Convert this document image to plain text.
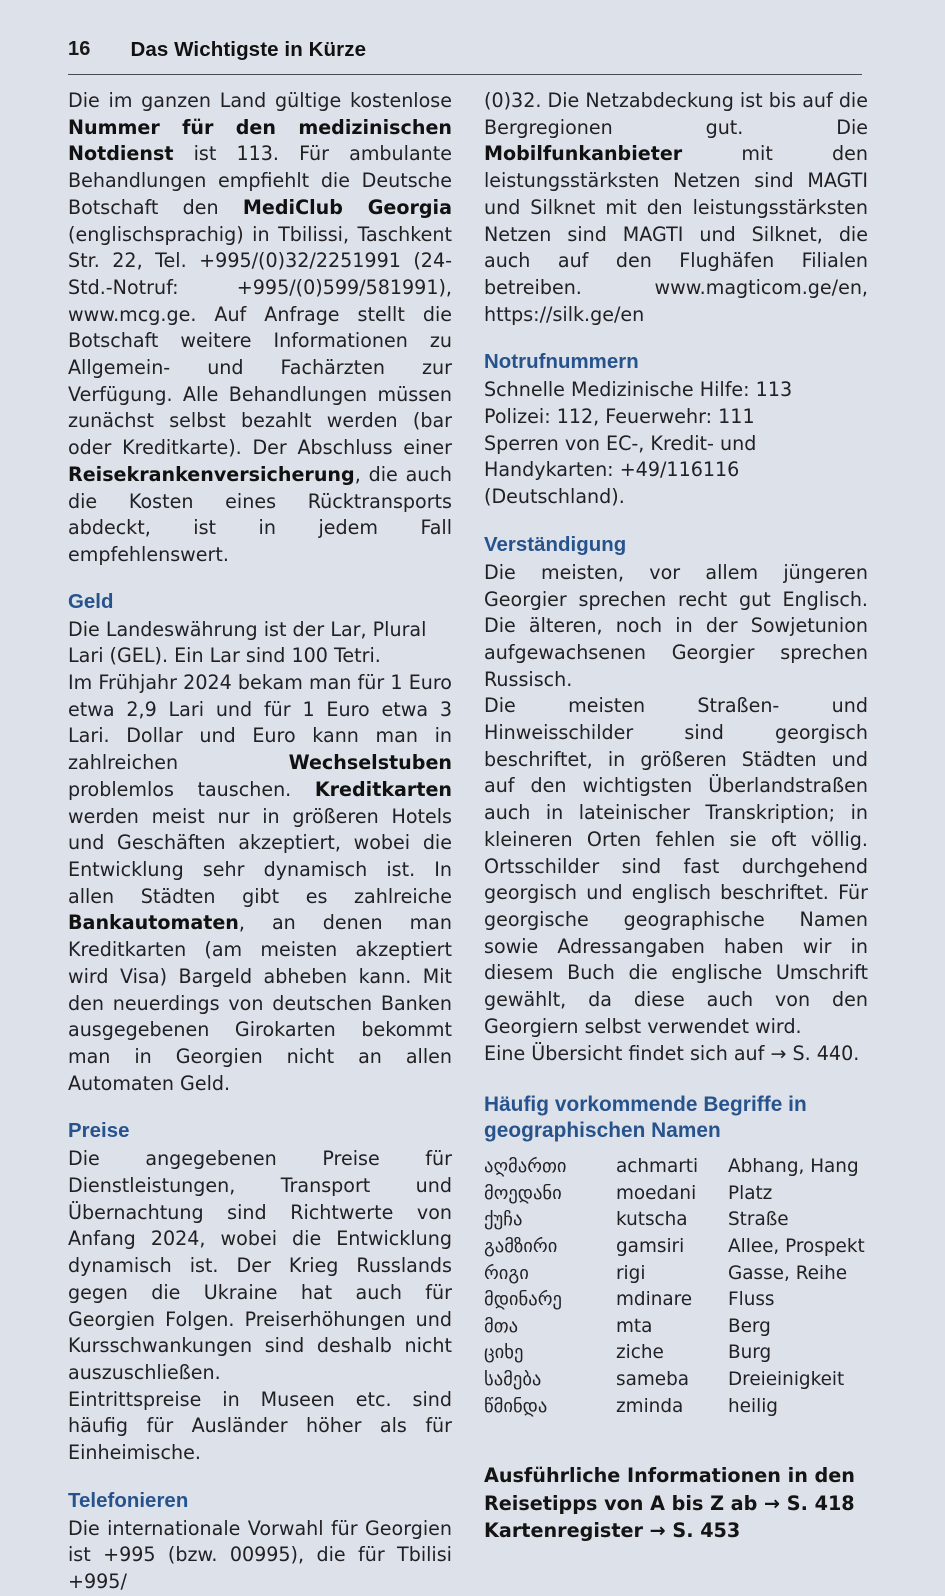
16 Das Wichtigste in Kürze

Die im ganzen Land gültige kostenlose Nummer für den medizinischen Notdienst ist 113. Für ambulante Behandlungen empfiehlt die Deutsche Botschaft den MediClub Georgia (englischsprachig) in Tbilissi, Taschkent Str. 22, Tel. +995/(0)32/2251991 (24-Std.-Notruf: +995/(0)599/581991), www.mcg.ge. Auf Anfrage stellt die Botschaft weitere Informationen zu Allgemein- und Fachärzten zur Verfügung. Alle Behandlungen müssen zunächst selbst bezahlt werden (bar oder Kreditkarte). Der Abschluss einer Reisekrankenversicherung, die auch die Kosten eines Rücktransports abdeckt, ist in jedem Fall empfehlenswert.

Geld

Die Landeswährung ist der Lar, Plural Lari (GEL). Ein Lar sind 100 Tetri.

Im Frühjahr 2024 bekam man für 1 Euro etwa 2,9 Lari und für 1 Euro etwa 3 Lari. Dollar und Euro kann man in zahlreichen Wechselstuben problemlos tauschen. Kreditkarten werden meist nur in größeren Hotels und Geschäften akzeptiert, wobei die Entwicklung sehr dynamisch ist. In allen Städten gibt es zahlreiche Bankautomaten, an denen man Kreditkarten (am meisten akzeptiert wird Visa) Bargeld abheben kann. Mit den neuerdings von deutschen Banken ausgegebenen Girokarten bekommt man in Georgien nicht an allen Automaten Geld.

Preise

Die angegebenen Preise für Dienstleistungen, Transport und Übernachtung sind Richtwerte von Anfang 2024, wobei die Entwicklung dynamisch ist. Der Krieg Russlands gegen die Ukraine hat auch für Georgien Folgen. Preiserhöhungen und Kursschwankungen sind deshalb nicht auszuschließen.

Eintrittspreise in Museen etc. sind häufig für Ausländer höher als für Einheimische.

Telefonieren

Die internationale Vorwahl für Georgien ist +995 (bzw. 00995), die für Tbilisi +995/

(0)32. Die Netzabdeckung ist bis auf die Bergregionen gut. Die Mobilfunkanbieter mit den leistungsstärksten Netzen sind MAGTI und Silknet mit den leistungsstärksten Netzen sind MAGTI und Silknet, die auch auf den Flughäfen Filialen betreiben. www.magticom.ge/en, https://silk.ge/en

Notrufnummern

Schnelle Medizinische Hilfe: 113

Polizei: 112, Feuerwehr: 111

Sperren von EC-, Kredit- und Handykarten: +49/116116 (Deutschland).

Verständigung

Die meisten, vor allem jüngeren Georgier sprechen recht gut Englisch. Die älteren, noch in der Sowjetunion aufgewachsenen Georgier sprechen Russisch.

Die meisten Straßen- und Hinweisschilder sind georgisch beschriftet, in größeren Städten und auf den wichtigsten Überlandstraßen auch in lateinischer Transkription; in kleineren Orten fehlen sie oft völlig. Ortsschilder sind fast durchgehend georgisch und englisch beschriftet. Für georgische geographische Namen sowie Adressangaben haben wir in diesem Buch die englische Umschrift gewählt, da diese auch von den Georgiern selbst verwendet wird.

Eine Übersicht findet sich auf → S. 440.

Häufig vorkommende Begriffe in geographischen Namen
აღმართი	achmarti	Abhang, Hang
მოედანი	moedani	Platz
ქუჩა	kutscha	Straße
გამზირი	gamsiri	Allee, Prospekt
რიგი	rigi	Gasse, Reihe
მდინარე	mdinare	Fluss
მთა	mta	Berg
ციხე	ziche	Burg
სამება	sameba	Dreieinigkeit
წმინდა	zminda	heilig

Ausführliche Informationen in den Reisetipps von A bis Z ab → S. 418

Kartenregister → S. 453
